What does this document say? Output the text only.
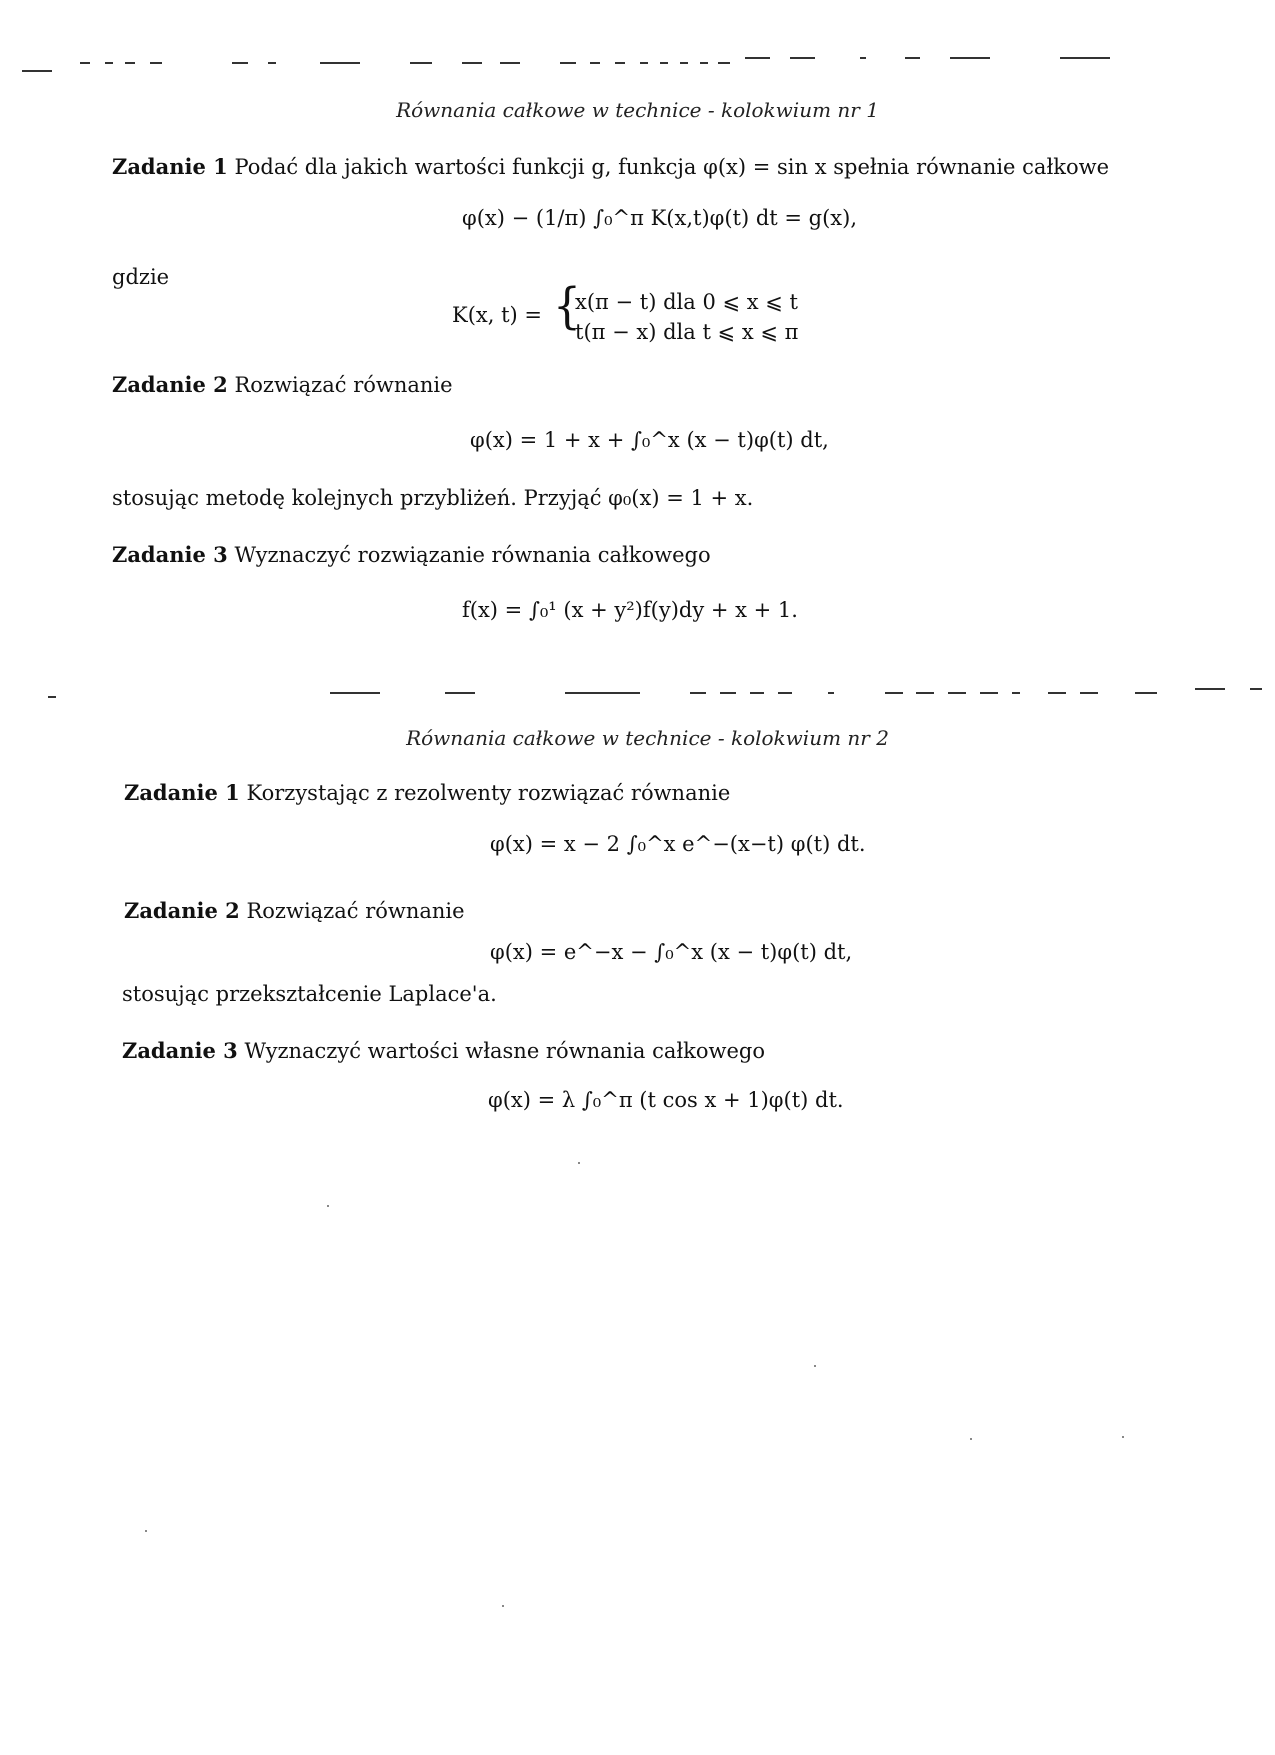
Równania całkowe w technice - kolokwium nr 1
Zadanie 1 Podać dla jakich wartości funkcji g, funkcja φ(x) = sin x spełnia równanie całkowe
φ(x) − (1/π) ∫₀^π K(x,t)φ(t) dt = g(x),
gdzie
K(x, t) = {
x(π − t) dla 0 ⩽ x ⩽ t
t(π − x) dla t ⩽ x ⩽ π
Zadanie 2 Rozwiązać równanie
φ(x) = 1 + x + ∫₀^x (x − t)φ(t) dt,
stosując metodę kolejnych przybliżeń. Przyjąć φ₀(x) = 1 + x.
Zadanie 3 Wyznaczyć rozwiązanie równania całkowego
f(x) = ∫₀¹ (x + y²)f(y)dy + x + 1.
Równania całkowe w technice - kolokwium nr 2
Zadanie 1 Korzystając z rezolwenty rozwiązać równanie
φ(x) = x − 2 ∫₀^x e^−(x−t) φ(t) dt.
Zadanie 2 Rozwiązać równanie
φ(x) = e^−x − ∫₀^x (x − t)φ(t) dt,
stosując przekształcenie Laplace'a.
Zadanie 3 Wyznaczyć wartości własne równania całkowego
φ(x) = λ ∫₀^π (t cos x + 1)φ(t) dt.
